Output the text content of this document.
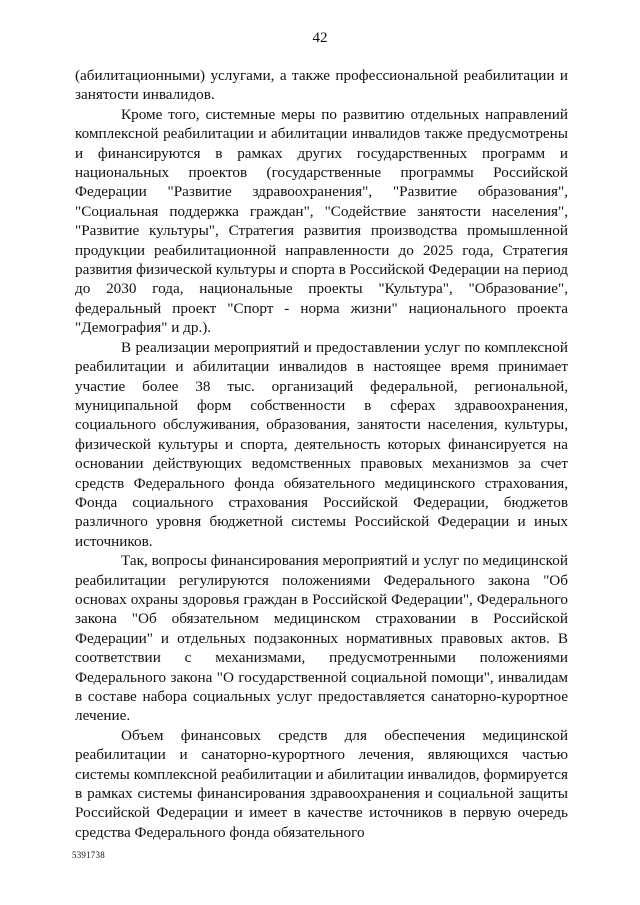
42

(абилитационными) услугами, а также профессиональной реабилитации и занятости инвалидов.

Кроме того, системные меры по развитию отдельных направлений комплексной реабилитации и абилитации инвалидов также предусмотрены и финансируются в рамках других государственных программ и национальных проектов (государственные программы Российской Федерации "Развитие здравоохранения", "Развитие образования", "Социальная поддержка граждан", "Содействие занятости населения", "Развитие культуры", Стратегия развития производства промышленной продукции реабилитационной направленности до 2025 года, Стратегия развития физической культуры и спорта в Российской Федерации на период до 2030 года, национальные проекты "Культура", "Образование", федеральный проект "Спорт - норма жизни" национального проекта "Демография" и др.).

В реализации мероприятий и предоставлении услуг по комплексной реабилитации и абилитации инвалидов в настоящее время принимает участие более 38 тыс. организаций федеральной, региональной, муниципальной форм собственности в сферах здравоохранения, социального обслуживания, образования, занятости населения, культуры, физической культуры и спорта, деятельность которых финансируется на основании действующих ведомственных правовых механизмов за счет средств Федерального фонда обязательного медицинского страхования, Фонда социального страхования Российской Федерации, бюджетов различного уровня бюджетной системы Российской Федерации и иных источников.

Так, вопросы финансирования мероприятий и услуг по медицинской реабилитации регулируются положениями Федерального закона "Об основах охраны здоровья граждан в Российской Федерации", Федерального закона "Об обязательном медицинском страховании в Российской Федерации" и отдельных подзаконных нормативных правовых актов. В соответствии с механизмами, предусмотренными положениями Федерального закона "О государственной социальной помощи", инвалидам в составе набора социальных услуг предоставляется санаторно-курортное лечение.

Объем финансовых средств для обеспечения медицинской реабилитации и санаторно-курортного лечения, являющихся частью системы комплексной реабилитации и абилитации инвалидов, формируется в рамках системы финансирования здравоохранения и социальной защиты Российской Федерации и имеет в качестве источников в первую очередь средства Федерального фонда обязательного

5391738
